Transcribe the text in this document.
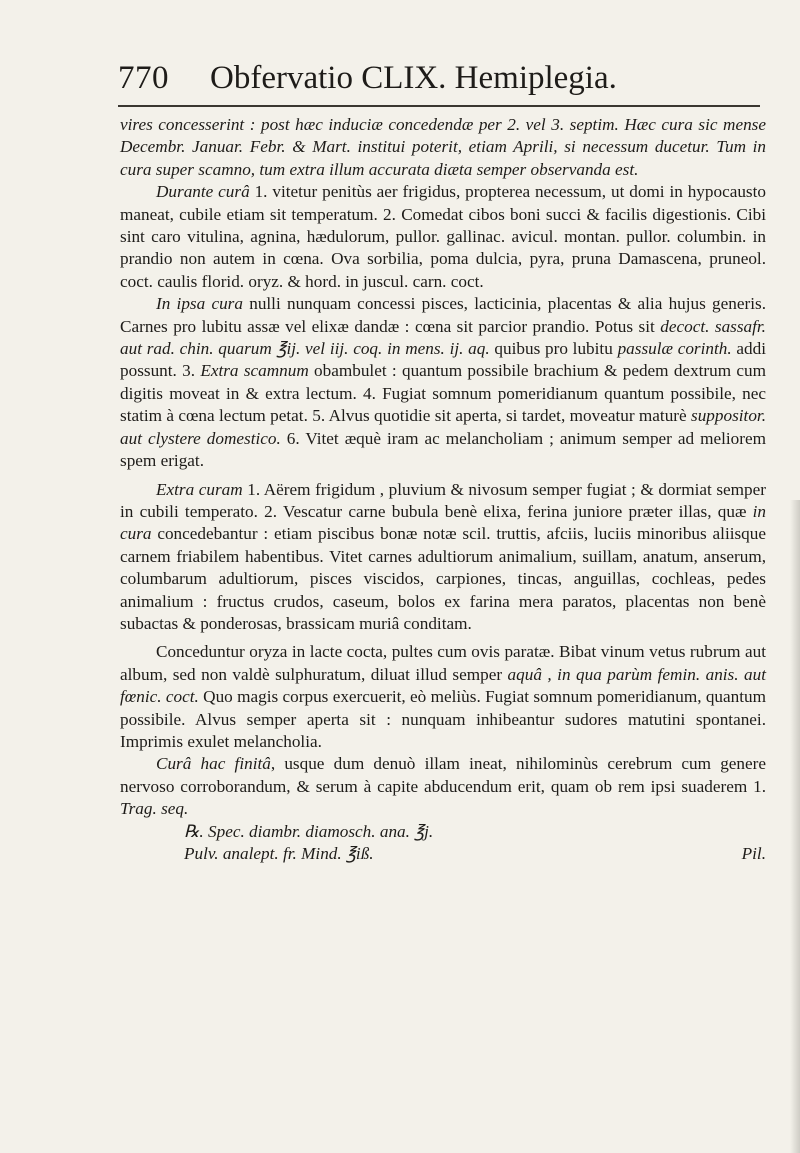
770	Obfervatio CLIX. Hemiplegia.

vires concesserint : post hæc induciæ concedendæ per 2. vel 3. septim. Hæc cura sic mense Decembr. Januar. Febr. & Mart. institui poterit, etiam Aprili, si necessum ducetur. Tum in cura super scamno, tum extra illum accurata diæta semper observanda est.

Durante curâ 1. vitetur penitùs aer frigidus, propterea necessum, ut domi in hypocausto maneat, cubile etiam sit temperatum. 2. Comedat cibos boni succi & facilis digestionis. Cibi sint caro vitulina, agnina, hædulorum, pullor. gallinac. avicul. montan. pullor. columbin. in prandio non autem in cœna. Ova sorbilia, poma dulcia, pyra, pruna Damascena, pruneol. coct. caulis florid. oryz. & hord. in juscul. carn. coct.

In ipsa cura nulli nunquam concessi pisces, lacticinia, placentas & alia hujus generis. Carnes pro lubitu assæ vel elixæ dandæ : cœna sit parcior prandio. Potus sit decoct. sassafr. aut rad. chin. quarum ℥ij. vel iij. coq. in mens. ij. aq. quibus pro lubitu passulæ corinth. addi possunt. 3. Extra scamnum obambulet : quantum possibile brachium & pedem dextrum cum digitis moveat in & extra lectum. 4. Fugiat somnum pomeridianum quantum possibile, nec statim à cœna lectum petat. 5. Alvus quotidie sit aperta, si tardet, moveatur maturè suppositor. aut clystere domestico. 6. Vitet æquè iram ac melancholiam ; animum semper ad meliorem spem erigat.

Extra curam 1. Aërem frigidum , pluvium & nivosum semper fugiat ; & dormiat semper in cubili temperato. 2. Vescatur carne bubula benè elixa, ferina juniore præter illas, quæ in cura concedebantur : etiam piscibus bonæ notæ scil. truttis, afciis, luciis minoribus aliisque carnem friabilem habentibus. Vitet carnes adultiorum animalium, suillam, anatum, anserum, columbarum adultiorum, pisces viscidos, carpiones, tincas, anguillas, cochleas, pedes animalium : fructus crudos, caseum, bolos ex farina mera paratos, placentas non benè subactas & ponderosas, brassicam muriâ conditam.

Conceduntur oryza in lacte cocta, pultes cum ovis paratæ. Bibat vinum vetus rubrum aut album, sed non valdè sulphuratum, diluat illud semper aquâ , in qua parùm femin. anis. aut fœnic. coct. Quo magis corpus exercuerit, eò meliùs. Fugiat somnum pomeridianum, quantum possibile. Alvus semper aperta sit : nunquam inhibeantur sudores matutini spontanei. Imprimis exulet melancholia.

Curâ hac finitâ, usque dum denuò illam ineat, nihilominùs cerebrum cum genere nervoso corroborandum, & serum à capite abducendum erit, quam ob rem ipsi suaderem 1. Trag. seq.

℞. Spec. diambr. diamosch. ana. ℥j.
Pulv. analept. fr. Mind. ℥iß.	Pil.
